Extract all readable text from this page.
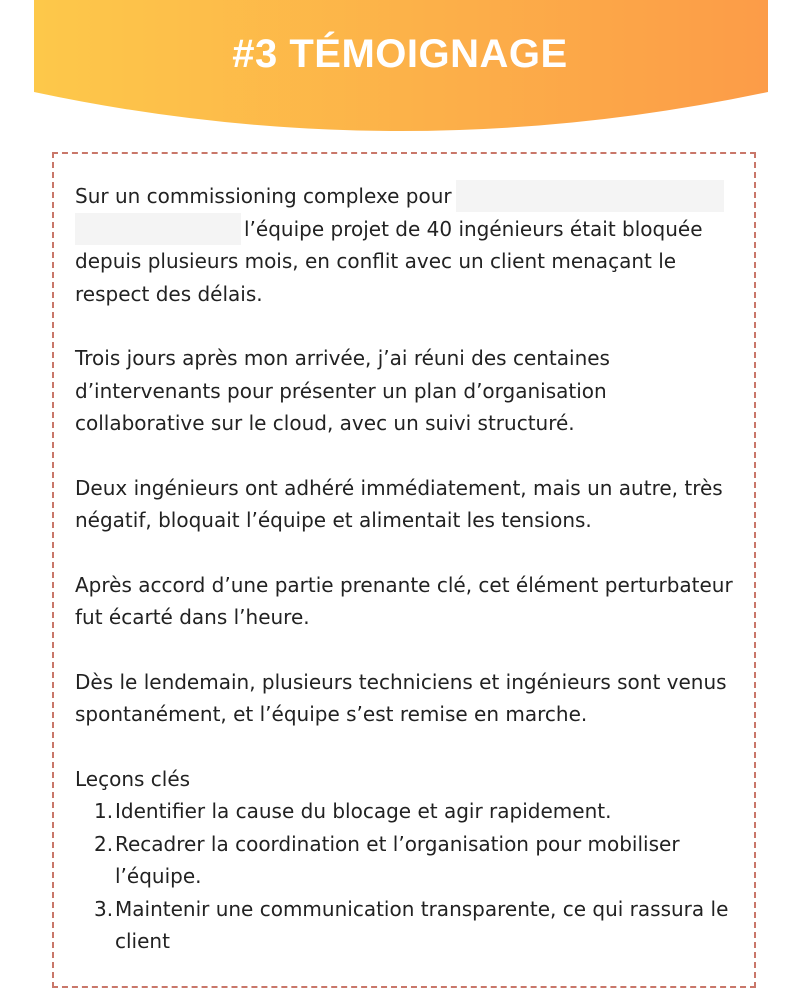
#3 TÉMOIGNAGE

Sur un commissioning complexe pour
l’équipe projet de 40 ingénieurs était bloquée depuis plusieurs mois, en conflit avec un client menaçant le respect des délais.

Trois jours après mon arrivée, j’ai réuni des centaines d’intervenants pour présenter un plan d’organisation collaborative sur le cloud, avec un suivi structuré.

Deux ingénieurs ont adhéré immédiatement, mais un autre, très négatif, bloquait l’équipe et alimentait les tensions.

Après accord d’une partie prenante clé, cet élément perturbateur fut écarté dans l’heure.

Dès le lendemain, plusieurs techniciens et ingénieurs sont venus spontanément, et l’équipe s’est remise en marche.

Leçons clés

1. Identifier la cause du blocage et agir rapidement.
2. Recadrer la coordination et l’organisation pour mobiliser l’équipe.
3. Maintenir une communication transparente, ce qui rassura le client
